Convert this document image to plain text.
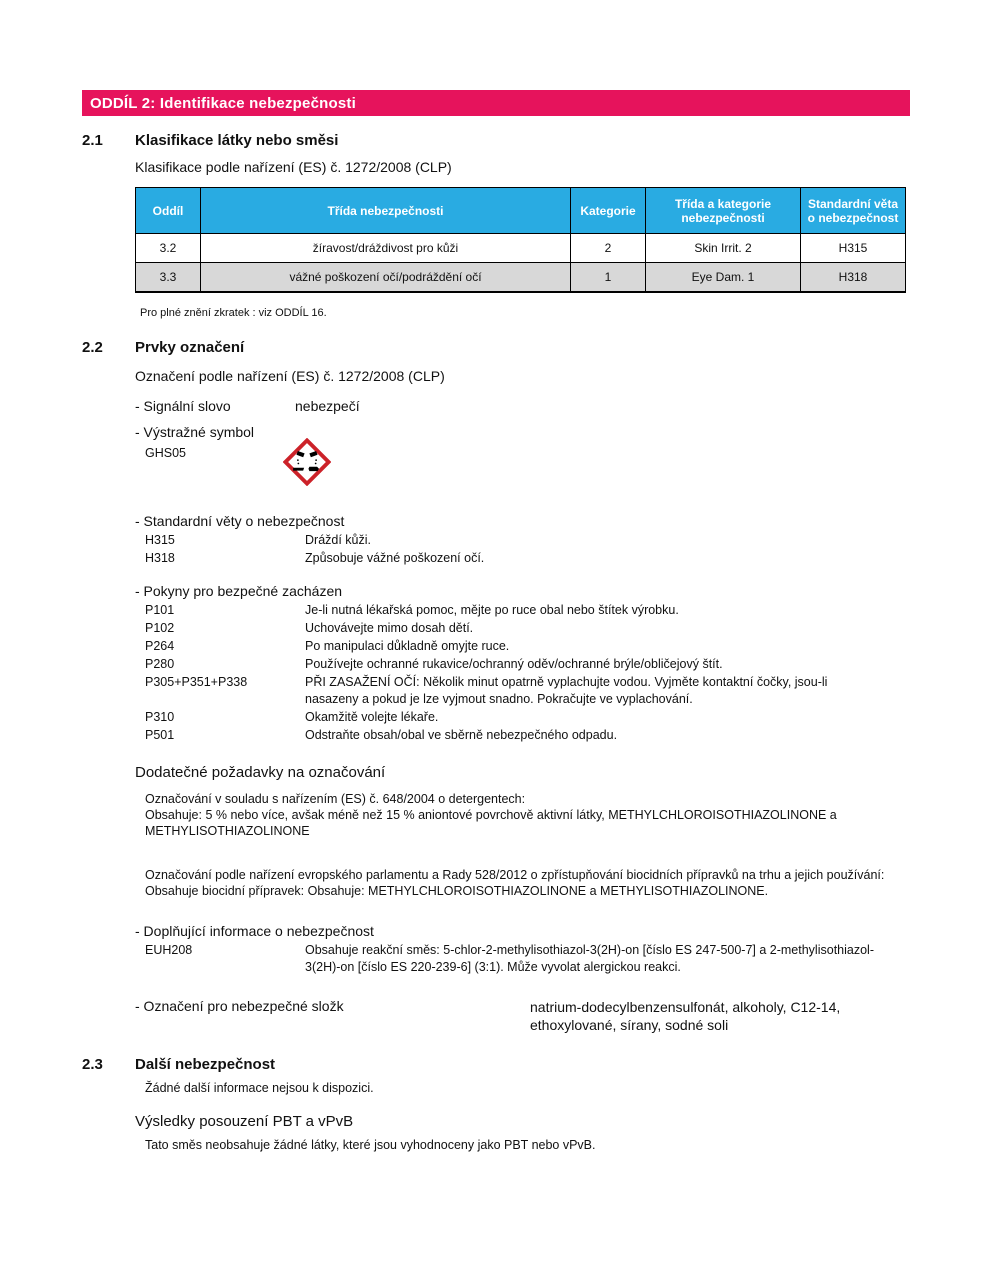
ODDÍL 2: Identifikace nebezpečnosti
2.1	Klasifikace látky nebo směsi
Klasifikace podle nařízení (ES) č. 1272/2008 (CLP)
Oddíl	Třída nebezpečnosti	Kategorie	Třída a kategorie nebezpečnosti	Standardní věta o nebezpečnost
3.2	žíravost/dráždivost pro kůži	2	Skin Irrit. 2	H315
3.3	vážné poškození očí/podráždění očí	1	Eye Dam. 1	H318
Pro plné znění zkratek : viz ODDÍL 16.
2.2	Prvky označení
Označení podle nařízení (ES) č. 1272/2008 (CLP)
- Signální slovo	nebezpečí
- Výstražné symbol
GHS05
- Standardní věty o nebezpečnost
H315	Dráždí kůži.
H318	Způsobuje vážné poškození očí.
- Pokyny pro bezpečné zacházen
P101	Je-li nutná lékařská pomoc, mějte po ruce obal nebo štítek výrobku.
P102	Uchovávejte mimo dosah dětí.
P264	Po manipulaci důkladně omyjte ruce.
P280	Používejte ochranné rukavice/ochranný oděv/ochranné brýle/obličejový štít.
P305+P351+P338	PŘI ZASAŽENÍ OČÍ: Několik minut opatrně vyplachujte vodou. Vyjměte kontaktní čočky, jsou-li nasazeny a pokud je lze vyjmout snadno. Pokračujte ve vyplachování.
P310	Okamžitě volejte lékaře.
P501	Odstraňte obsah/obal ve sběrně nebezpečného odpadu.
Dodatečné požadavky na označování
Označování v souladu s nařízením (ES) č. 648/2004 o detergentech:
Obsahuje: 5 % nebo více, avšak méně než 15 % aniontové povrchově aktivní látky, METHYLCHLOROISOTHIAZOLINONE a METHYLISOTHIAZOLINONE
Označování podle nařízení evropského parlamentu a Rady 528/2012 o zpřístupňování biocidních přípravků na trhu a jejich používání:
Obsahuje biocidní přípravek: Obsahuje: METHYLCHLOROISOTHIAZOLINONE a METHYLISOTHIAZOLINONE.
- Doplňující informace o nebezpečnost
EUH208	Obsahuje reakční směs: 5-chlor-2-methylisothiazol-3(2H)-on [číslo ES 247-500-7] a 2-methylisothiazol-3(2H)-on [číslo ES 220-239-6] (3:1). Může vyvolat alergickou reakci.
- Označení pro nebezpečné složk	natrium-dodecylbenzensulfonát, alkoholy, C12-14, ethoxylované, sírany, sodné soli
2.3	Další nebezpečnost
Žádné další informace nejsou k dispozici.
Výsledky posouzení PBT a vPvB
Tato směs neobsahuje žádné látky, které jsou vyhodnoceny jako PBT nebo vPvB.
